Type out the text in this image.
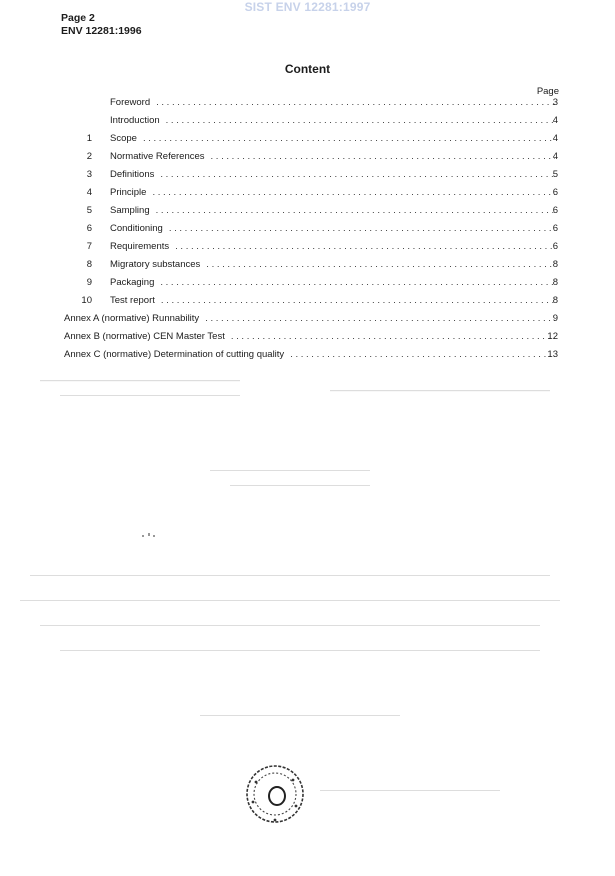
SIST ENV 12281:1997
Page 2
ENV 12281:1996
Content
Page
Foreword . . .	3
Introduction . . .	4
1 Scope . . .	4
2 Normative References . . .	4
3 Definitions . . .	5
4 Principle . . .	6
5 Sampling . . .	6
6 Conditioning . . .	6
7 Requirements . . .	6
8 Migratory substances . . .	8
9 Packaging . . .	8
10 Test report . . .	8
Annex A (normative) Runnability . . .	9
Annex B (normative) CEN Master Test . . .	12
Annex C (normative) Determination of cutting quality . . .	13
